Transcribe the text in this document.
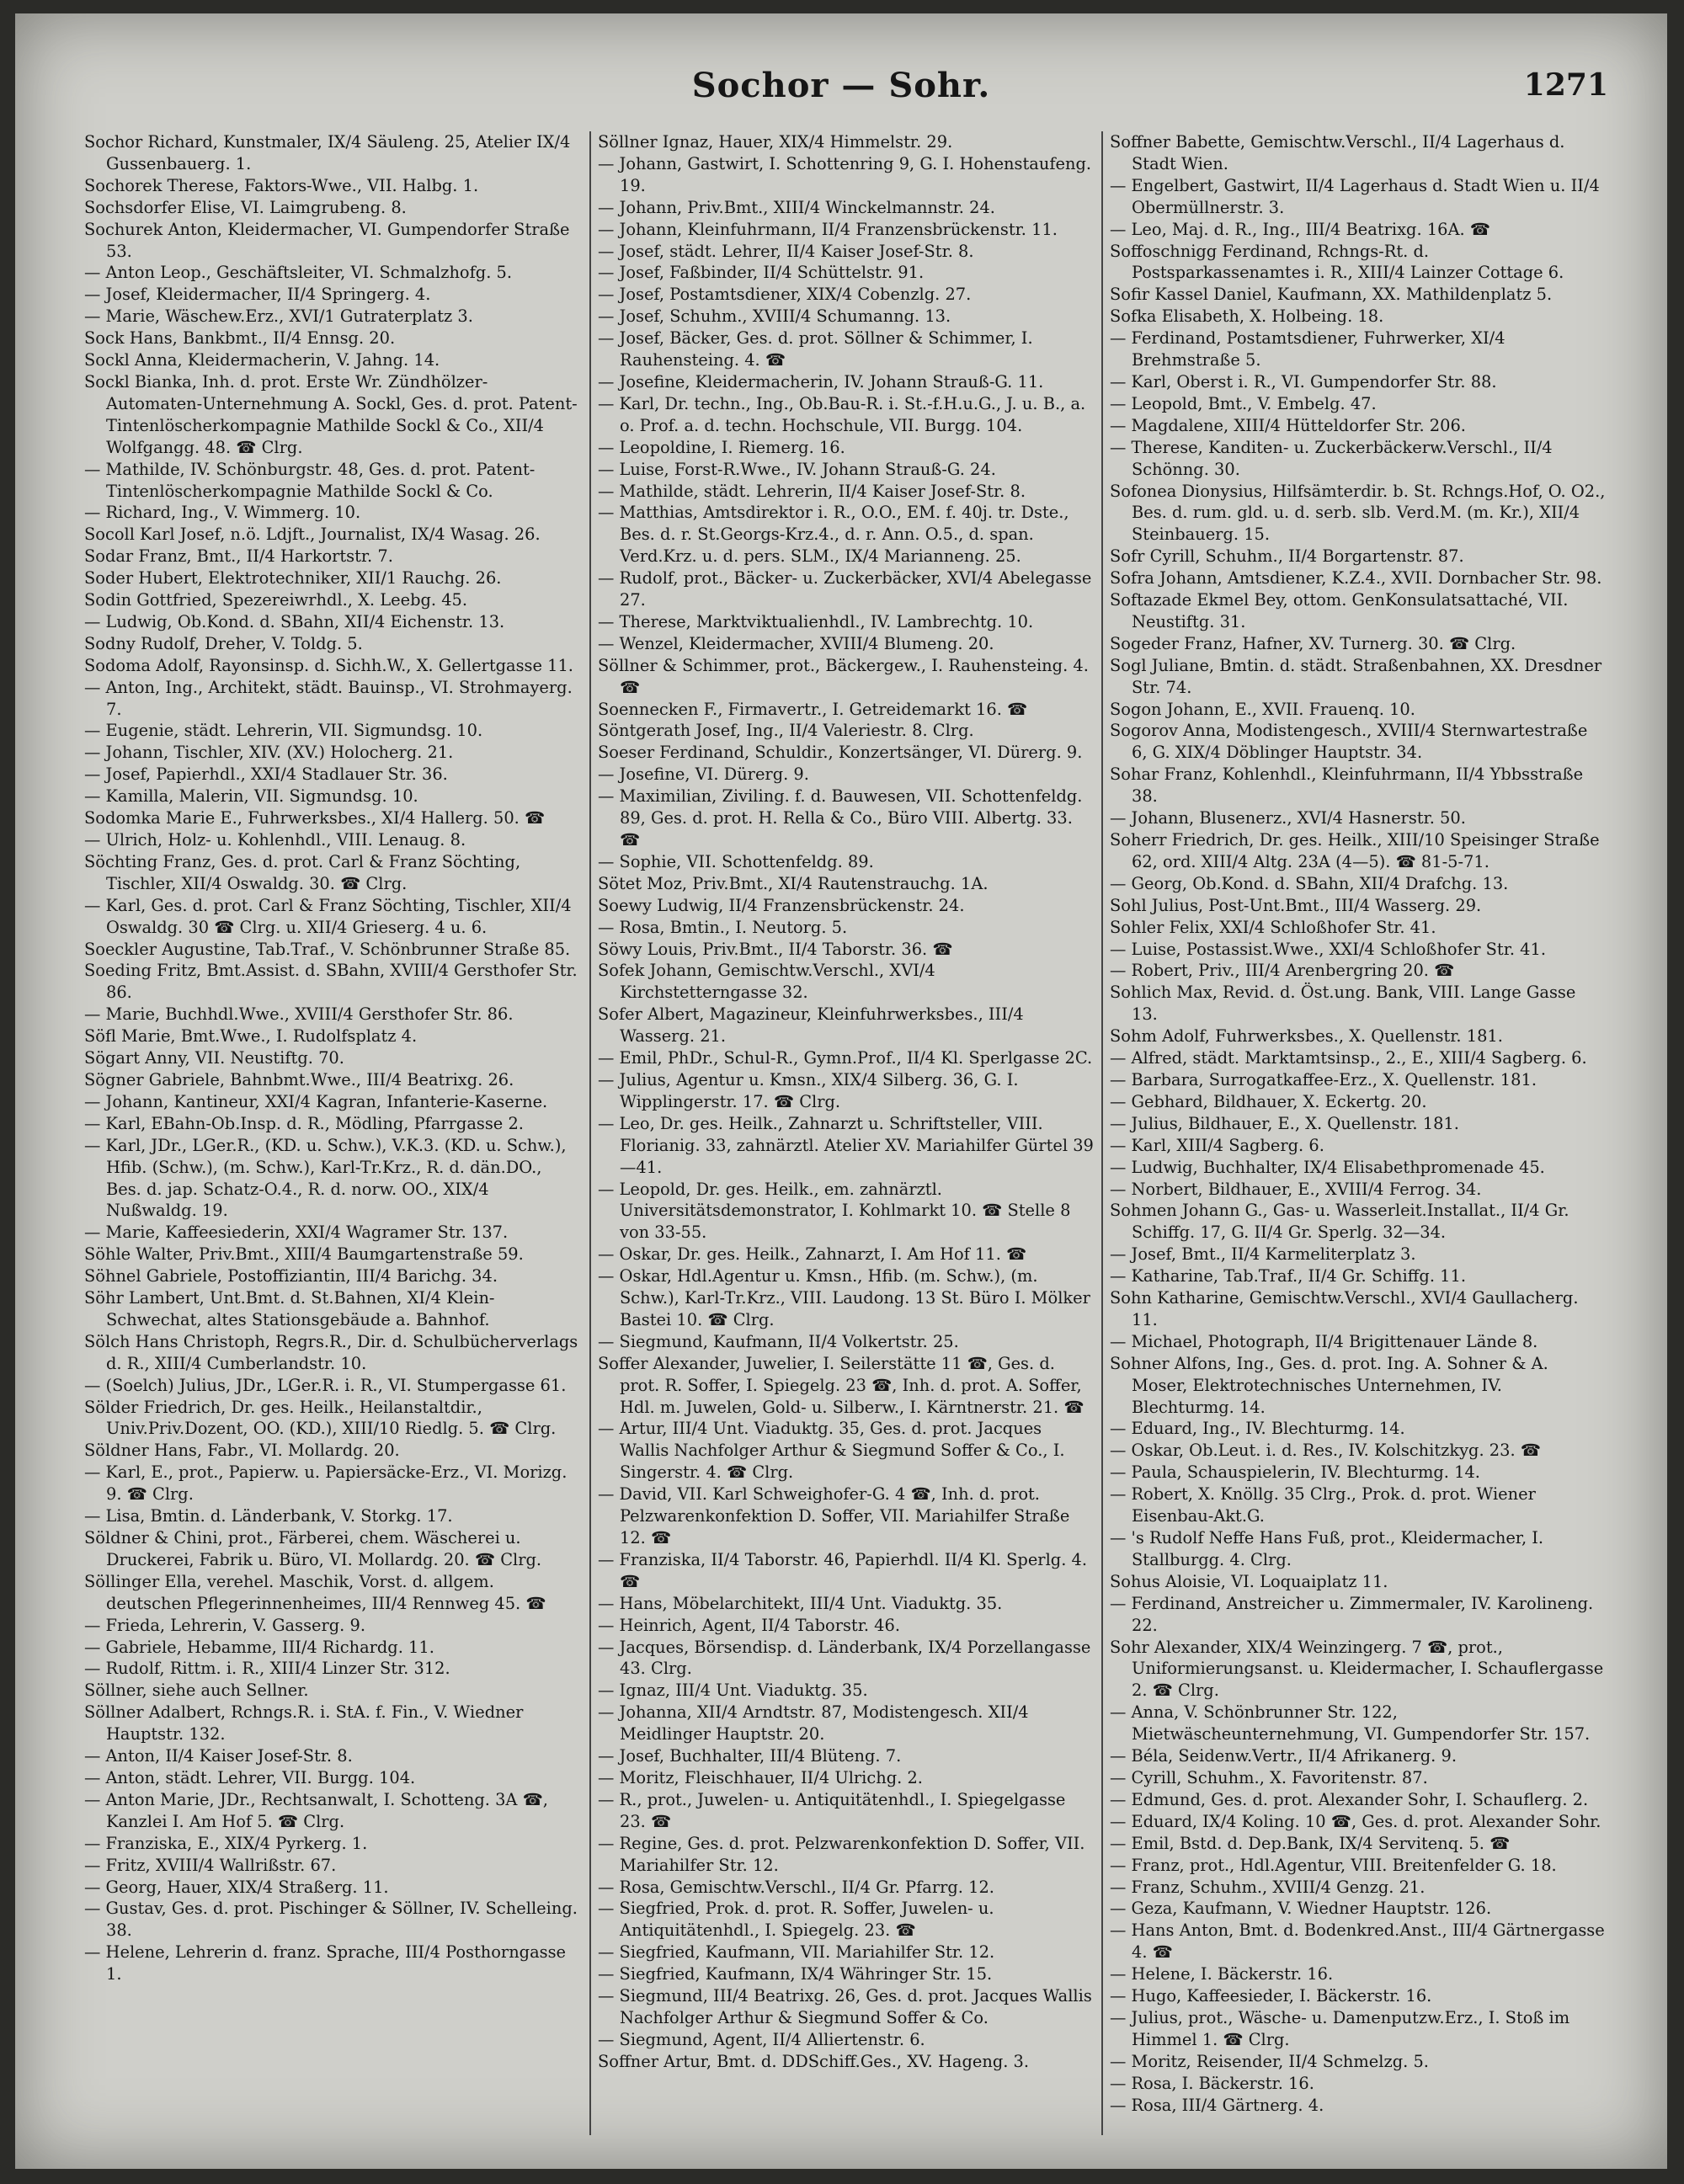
Sochor — Sohr.	1271
Sochor Richard, Kunstmaler, IX/4 Säuleng. 25, Atelier IX/4 Gussenbauerg. 1.
Sochorek Therese, Faktors-Wwe., VII. Halbg. 1.
Sochsdorfer Elise, VI. Laimgrubeng. 8.
Sochurek Anton, Kleidermacher, VI. Gumpendorfer Straße 53.
— Anton Leop., Geschäftsleiter, VI. Schmalzhofg. 5.
— Josef, Kleidermacher, II/4 Springerg. 4.
— Marie, Wäschew.Erz., XVI/1 Gutraterplatz 3.
Sock Hans, Bankbmt., II/4 Ennsg. 20.
Sockl Anna, Kleidermacherin, V. Jahng. 14.
Sockl Bianka, Inh. d. prot. Erste Wr. Zündhölzer-Automaten-Unternehmung A. Sockl, Ges. d. prot. Patent-Tintenlöscherkompagnie Mathilde Sockl & Co., XII/4 Wolfgangg. 48. ☎ Clrg.
— Mathilde, IV. Schönburgstr. 48, Ges. d. prot. Patent-Tintenlöscherkompagnie Mathilde Sockl & Co.
— Richard, Ing., V. Wimmerg. 10.
Socoll Karl Josef, n.ö. Ldjft., Journalist, IX/4 Wasag. 26.
Sodar Franz, Bmt., II/4 Harkortstr. 7.
Soder Hubert, Elektrotechniker, XII/1 Rauchg. 26.
Sodin Gottfried, Spezereiwrhdl., X. Leebg. 45.
— Ludwig, Ob.Kond. d. SBahn, XII/4 Eichenstr. 13.
Sodny Rudolf, Dreher, V. Toldg. 5.
Sodoma Adolf, Rayonsinsp. d. Sichh.W., X. Gellertgasse 11.
— Anton, Ing., Architekt, städt. Bauinsp., VI. Strohmayerg. 7.
— Eugenie, städt. Lehrerin, VII. Sigmundsg. 10.
— Johann, Tischler, XIV. (XV.) Holocherg. 21.
— Josef, Papierhdl., XXI/4 Stadlauer Str. 36.
— Kamilla, Malerin, VII. Sigmundsg. 10.
Sodomka Marie E., Fuhrwerksbes., XI/4 Hallerg. 50. ☎
— Ulrich, Holz- u. Kohlenhdl., VIII. Lenaug. 8.
Söchting Franz, Ges. d. prot. Carl & Franz Söchting, Tischler, XII/4 Oswaldg. 30. ☎ Clrg.
— Karl, Ges. d. prot. Carl & Franz Söchting, Tischler, XII/4 Oswaldg. 30 ☎ Clrg. u. XII/4 Grieserg. 4 u. 6.
Soeckler Augustine, Tab.Traf., V. Schönbrunner Straße 85.
Soeding Fritz, Bmt.Assist. d. SBahn, XVIII/4 Gersthofer Str. 86.
— Marie, Buchhdl.Wwe., XVIII/4 Gersthofer Str. 86.
Söfl Marie, Bmt.Wwe., I. Rudolfsplatz 4.
Sögart Anny, VII. Neustiftg. 70.
Sögner Gabriele, Bahnbmt.Wwe., III/4 Beatrixg. 26.
— Johann, Kantineur, XXI/4 Kagran, Infanterie-Kaserne.
— Karl, EBahn-Ob.Insp. d. R., Mödling, Pfarrgasse 2.
— Karl, JDr., LGer.R., (KD. u. Schw.), V.K.3. (KD. u. Schw.), Hfib. (Schw.), (m. Schw.), Karl-Tr.Krz., R. d. dän.DO., Bes. d. jap. Schatz-O.4., R. d. norw. OO., XIX/4 Nußwaldg. 19.
— Marie, Kaffeesiederin, XXI/4 Wagramer Str. 137.
Söhle Walter, Priv.Bmt., XIII/4 Baumgartenstraße 59.
Söhnel Gabriele, Postoffiziantin, III/4 Barichg. 34.
Söhr Lambert, Unt.Bmt. d. St.Bahnen, XI/4 Klein-Schwechat, altes Stationsgebäude a. Bahnhof.
Sölch Hans Christoph, Regrs.R., Dir. d. Schulbücherverlags d. R., XIII/4 Cumberlandstr. 10.
— (Soelch) Julius, JDr., LGer.R. i. R., VI. Stumpergasse 61.
Sölder Friedrich, Dr. ges. Heilk., Heilanstaltdir., Univ.Priv.Dozent, OO. (KD.), XIII/10 Riedlg. 5. ☎ Clrg.
Söldner Hans, Fabr., VI. Mollardg. 20.
— Karl, E., prot., Papierw. u. Papiersäcke-Erz., VI. Morizg. 9. ☎ Clrg.
— Lisa, Bmtin. d. Länderbank, V. Storkg. 17.
Söldner & Chini, prot., Färberei, chem. Wäscherei u. Druckerei, Fabrik u. Büro, VI. Mollardg. 20. ☎ Clrg.
Söllinger Ella, verehel. Maschik, Vorst. d. allgem. deutschen Pflegerinnenheimes, III/4 Rennweg 45. ☎
— Frieda, Lehrerin, V. Gasserg. 9.
— Gabriele, Hebamme, III/4 Richardg. 11.
— Rudolf, Rittm. i. R., XIII/4 Linzer Str. 312.
Söllner, siehe auch Sellner.
Söllner Adalbert, Rchngs.R. i. StA. f. Fin., V. Wiedner Hauptstr. 132.
— Anton, II/4 Kaiser Josef-Str. 8.
— Anton, städt. Lehrer, VII. Burgg. 104.
— Anton Marie, JDr., Rechtsanwalt, I. Schotteng. 3A ☎, Kanzlei I. Am Hof 5. ☎ Clrg.
— Franziska, E., XIX/4 Pyrkerg. 1.
— Fritz, XVIII/4 Wallrißstr. 67.
— Georg, Hauer, XIX/4 Straßerg. 11.
— Gustav, Ges. d. prot. Pischinger & Söllner, IV. Schelleing. 38.
— Helene, Lehrerin d. franz. Sprache, III/4 Posthorngasse 1.
Söllner Ignaz, Hauer, XIX/4 Himmelstr. 29.
— Johann, Gastwirt, I. Schottenring 9, G. I. Hohenstaufeng. 19.
— Johann, Priv.Bmt., XIII/4 Winckelmannstr. 24.
— Johann, Kleinfuhrmann, II/4 Franzensbrückenstr. 11.
— Josef, städt. Lehrer, II/4 Kaiser Josef-Str. 8.
— Josef, Faßbinder, II/4 Schüttelstr. 91.
— Josef, Postamtsdiener, XIX/4 Cobenzlg. 27.
— Josef, Schuhm., XVIII/4 Schumanng. 13.
— Josef, Bäcker, Ges. d. prot. Söllner & Schimmer, I. Rauhensteing. 4. ☎
— Josefine, Kleidermacherin, IV. Johann Strauß-G. 11.
— Karl, Dr. techn., Ing., Ob.Bau-R. i. St.-f.H.u.G., J. u. B., a. o. Prof. a. d. techn. Hochschule, VII. Burgg. 104.
— Leopoldine, I. Riemerg. 16.
— Luise, Forst-R.Wwe., IV. Johann Strauß-G. 24.
— Mathilde, städt. Lehrerin, II/4 Kaiser Josef-Str. 8.
— Matthias, Amtsdirektor i. R., O.O., EM. f. 40j. tr. Dste., Bes. d. r. St.Georgs-Krz.4., d. r. Ann. O.5., d. span. Verd.Krz. u. d. pers. SLM., IX/4 Marianneng. 25.
— Rudolf, prot., Bäcker- u. Zuckerbäcker, XVI/4 Abelegasse 27.
— Therese, Marktviktualienhdl., IV. Lambrechtg. 10.
— Wenzel, Kleidermacher, XVIII/4 Blumeng. 20.
Söllner & Schimmer, prot., Bäckergew., I. Rauhensteing. 4. ☎
Soennecken F., Firmavertr., I. Getreidemarkt 16. ☎
Söntgerath Josef, Ing., II/4 Valeriestr. 8. Clrg.
Soeser Ferdinand, Schuldir., Konzertsänger, VI. Dürerg. 9.
— Josefine, VI. Dürerg. 9.
— Maximilian, Ziviling. f. d. Bauwesen, VII. Schottenfeldg. 89, Ges. d. prot. H. Rella & Co., Büro VIII. Albertg. 33. ☎
— Sophie, VII. Schottenfeldg. 89.
Sötet Moz, Priv.Bmt., XI/4 Rautenstrauchg. 1A.
Soewy Ludwig, II/4 Franzensbrückenstr. 24.
— Rosa, Bmtin., I. Neutorg. 5.
Söwy Louis, Priv.Bmt., II/4 Taborstr. 36. ☎
Sofek Johann, Gemischtw.Verschl., XVI/4 Kirchstetterngasse 32.
Sofer Albert, Magazineur, Kleinfuhrwerksbes., III/4 Wasserg. 21.
— Emil, PhDr., Schul-R., Gymn.Prof., II/4 Kl. Sperlgasse 2C.
— Julius, Agentur u. Kmsn., XIX/4 Silberg. 36, G. I. Wipplingerstr. 17. ☎ Clrg.
— Leo, Dr. ges. Heilk., Zahnarzt u. Schriftsteller, VIII. Florianig. 33, zahnärztl. Atelier XV. Mariahilfer Gürtel 39—41.
— Leopold, Dr. ges. Heilk., em. zahnärztl. Universitätsdemonstrator, I. Kohlmarkt 10. ☎ Stelle 8 von 33-55.
— Oskar, Dr. ges. Heilk., Zahnarzt, I. Am Hof 11. ☎
— Oskar, Hdl.Agentur u. Kmsn., Hfib. (m. Schw.), (m. Schw.), Karl-Tr.Krz., VIII. Laudong. 13 St. Büro I. Mölker Bastei 10. ☎ Clrg.
— Siegmund, Kaufmann, II/4 Volkertstr. 25.
Soffer Alexander, Juwelier, I. Seilerstätte 11 ☎, Ges. d. prot. R. Soffer, I. Spiegelg. 23 ☎, Inh. d. prot. A. Soffer, Hdl. m. Juwelen, Gold- u. Silberw., I. Kärntnerstr. 21. ☎
— Artur, III/4 Unt. Viaduktg. 35, Ges. d. prot. Jacques Wallis Nachfolger Arthur & Siegmund Soffer & Co., I. Singerstr. 4. ☎ Clrg.
— David, VII. Karl Schweighofer-G. 4 ☎, Inh. d. prot. Pelzwarenkonfektion D. Soffer, VII. Mariahilfer Straße 12. ☎
— Franziska, II/4 Taborstr. 46, Papierhdl. II/4 Kl. Sperlg. 4. ☎
— Hans, Möbelarchitekt, III/4 Unt. Viaduktg. 35.
— Heinrich, Agent, II/4 Taborstr. 46.
— Jacques, Börsendisp. d. Länderbank, IX/4 Porzellangasse 43. Clrg.
— Ignaz, III/4 Unt. Viaduktg. 35.
— Johanna, XII/4 Arndtstr. 87, Modistengesch. XII/4 Meidlinger Hauptstr. 20.
— Josef, Buchhalter, III/4 Blüteng. 7.
— Moritz, Fleischhauer, II/4 Ulrichg. 2.
— R., prot., Juwelen- u. Antiquitätenhdl., I. Spiegelgasse 23. ☎
— Regine, Ges. d. prot. Pelzwarenkonfektion D. Soffer, VII. Mariahilfer Str. 12.
— Rosa, Gemischtw.Verschl., II/4 Gr. Pfarrg. 12.
— Siegfried, Prok. d. prot. R. Soffer, Juwelen- u. Antiquitätenhdl., I. Spiegelg. 23. ☎
— Siegfried, Kaufmann, VII. Mariahilfer Str. 12.
— Siegfried, Kaufmann, IX/4 Währinger Str. 15.
— Siegmund, III/4 Beatrixg. 26, Ges. d. prot. Jacques Wallis Nachfolger Arthur & Siegmund Soffer & Co.
— Siegmund, Agent, II/4 Alliertenstr. 6.
Soffner Artur, Bmt. d. DDSchiff.Ges., XV. Hageng. 3.
Soffner Babette, Gemischtw.Verschl., II/4 Lagerhaus d. Stadt Wien.
— Engelbert, Gastwirt, II/4 Lagerhaus d. Stadt Wien u. II/4 Obermüllnerstr. 3.
— Leo, Maj. d. R., Ing., III/4 Beatrixg. 16A. ☎
Soffoschnigg Ferdinand, Rchngs-Rt. d. Postsparkassenamtes i. R., XIII/4 Lainzer Cottage 6.
Sofir Kassel Daniel, Kaufmann, XX. Mathildenplatz 5.
Sofka Elisabeth, X. Holbeing. 18.
— Ferdinand, Postamtsdiener, Fuhrwerker, XI/4 Brehmstraße 5.
— Karl, Oberst i. R., VI. Gumpendorfer Str. 88.
— Leopold, Bmt., V. Embelg. 47.
— Magdalene, XIII/4 Hütteldorfer Str. 206.
— Therese, Kanditen- u. Zuckerbäckerw.Verschl., II/4 Schönng. 30.
Sofonea Dionysius, Hilfsämterdir. b. St. Rchngs.Hof, O. O2., Bes. d. rum. gld. u. d. serb. slb. Verd.M. (m. Kr.), XII/4 Steinbauerg. 15.
Sofr Cyrill, Schuhm., II/4 Borgartenstr. 87.
Sofra Johann, Amtsdiener, K.Z.4., XVII. Dornbacher Str. 98.
Softazade Ekmel Bey, ottom. GenKonsulatsattaché, VII. Neustiftg. 31.
Sogeder Franz, Hafner, XV. Turnerg. 30. ☎ Clrg.
Sogl Juliane, Bmtin. d. städt. Straßenbahnen, XX. Dresdner Str. 74.
Sogon Johann, E., XVII. Frauenq. 10.
Sogorov Anna, Modistengesch., XVIII/4 Sternwartestraße 6, G. XIX/4 Döblinger Hauptstr. 34.
Sohar Franz, Kohlenhdl., Kleinfuhrmann, II/4 Ybbsstraße 38.
— Johann, Blusenerz., XVI/4 Hasnerstr. 50.
Soherr Friedrich, Dr. ges. Heilk., XIII/10 Speisinger Straße 62, ord. XIII/4 Altg. 23A (4—5). ☎ 81-5-71.
— Georg, Ob.Kond. d. SBahn, XII/4 Drafchg. 13.
Sohl Julius, Post-Unt.Bmt., III/4 Wasserg. 29.
Sohler Felix, XXI/4 Schloßhofer Str. 41.
— Luise, Postassist.Wwe., XXI/4 Schloßhofer Str. 41.
— Robert, Priv., III/4 Arenbergring 20. ☎
Sohlich Max, Revid. d. Öst.ung. Bank, VIII. Lange Gasse 13.
Sohm Adolf, Fuhrwerksbes., X. Quellenstr. 181.
— Alfred, städt. Marktamtsinsp., 2., E., XIII/4 Sagberg. 6.
— Barbara, Surrogatkaffee-Erz., X. Quellenstr. 181.
— Gebhard, Bildhauer, X. Eckertg. 20.
— Julius, Bildhauer, E., X. Quellenstr. 181.
— Karl, XIII/4 Sagberg. 6.
— Ludwig, Buchhalter, IX/4 Elisabethpromenade 45.
— Norbert, Bildhauer, E., XVIII/4 Ferrog. 34.
Sohmen Johann G., Gas- u. Wasserleit.Installat., II/4 Gr. Schiffg. 17, G. II/4 Gr. Sperlg. 32—34.
— Josef, Bmt., II/4 Karmeliterplatz 3.
— Katharine, Tab.Traf., II/4 Gr. Schiffg. 11.
Sohn Katharine, Gemischtw.Verschl., XVI/4 Gaullacherg. 11.
— Michael, Photograph, II/4 Brigittenauer Lände 8.
Sohner Alfons, Ing., Ges. d. prot. Ing. A. Sohner & A. Moser, Elektrotechnisches Unternehmen, IV. Blechturmg. 14.
— Eduard, Ing., IV. Blechturmg. 14.
— Oskar, Ob.Leut. i. d. Res., IV. Kolschitzkyg. 23. ☎
— Paula, Schauspielerin, IV. Blechturmg. 14.
— Robert, X. Knöllg. 35 Clrg., Prok. d. prot. Wiener Eisenbau-Akt.G.
— 's Rudolf Neffe Hans Fuß, prot., Kleidermacher, I. Stallburgg. 4. Clrg.
Sohus Aloisie, VI. Loquaiplatz 11.
— Ferdinand, Anstreicher u. Zimmermaler, IV. Karolineng. 22.
Sohr Alexander, XIX/4 Weinzingerg. 7 ☎, prot., Uniformierungsanst. u. Kleidermacher, I. Schauflergasse 2. ☎ Clrg.
— Anna, V. Schönbrunner Str. 122, Mietwäscheunternehmung, VI. Gumpendorfer Str. 157.
— Béla, Seidenw.Vertr., II/4 Afrikanerg. 9.
— Cyrill, Schuhm., X. Favoritenstr. 87.
— Edmund, Ges. d. prot. Alexander Sohr, I. Schauflerg. 2.
— Eduard, IX/4 Koling. 10 ☎, Ges. d. prot. Alexander Sohr.
— Emil, Bstd. d. Dep.Bank, IX/4 Servitenq. 5. ☎
— Franz, prot., Hdl.Agentur, VIII. Breitenfelder G. 18.
— Franz, Schuhm., XVIII/4 Genzg. 21.
— Geza, Kaufmann, V. Wiedner Hauptstr. 126.
— Hans Anton, Bmt. d. Bodenkred.Anst., III/4 Gärtnergasse 4. ☎
— Helene, I. Bäckerstr. 16.
— Hugo, Kaffeesieder, I. Bäckerstr. 16.
— Julius, prot., Wäsche- u. Damenputzw.Erz., I. Stoß im Himmel 1. ☎ Clrg.
— Moritz, Reisender, II/4 Schmelzg. 5.
— Rosa, I. Bäckerstr. 16.
— Rosa, III/4 Gärtnerg. 4.
